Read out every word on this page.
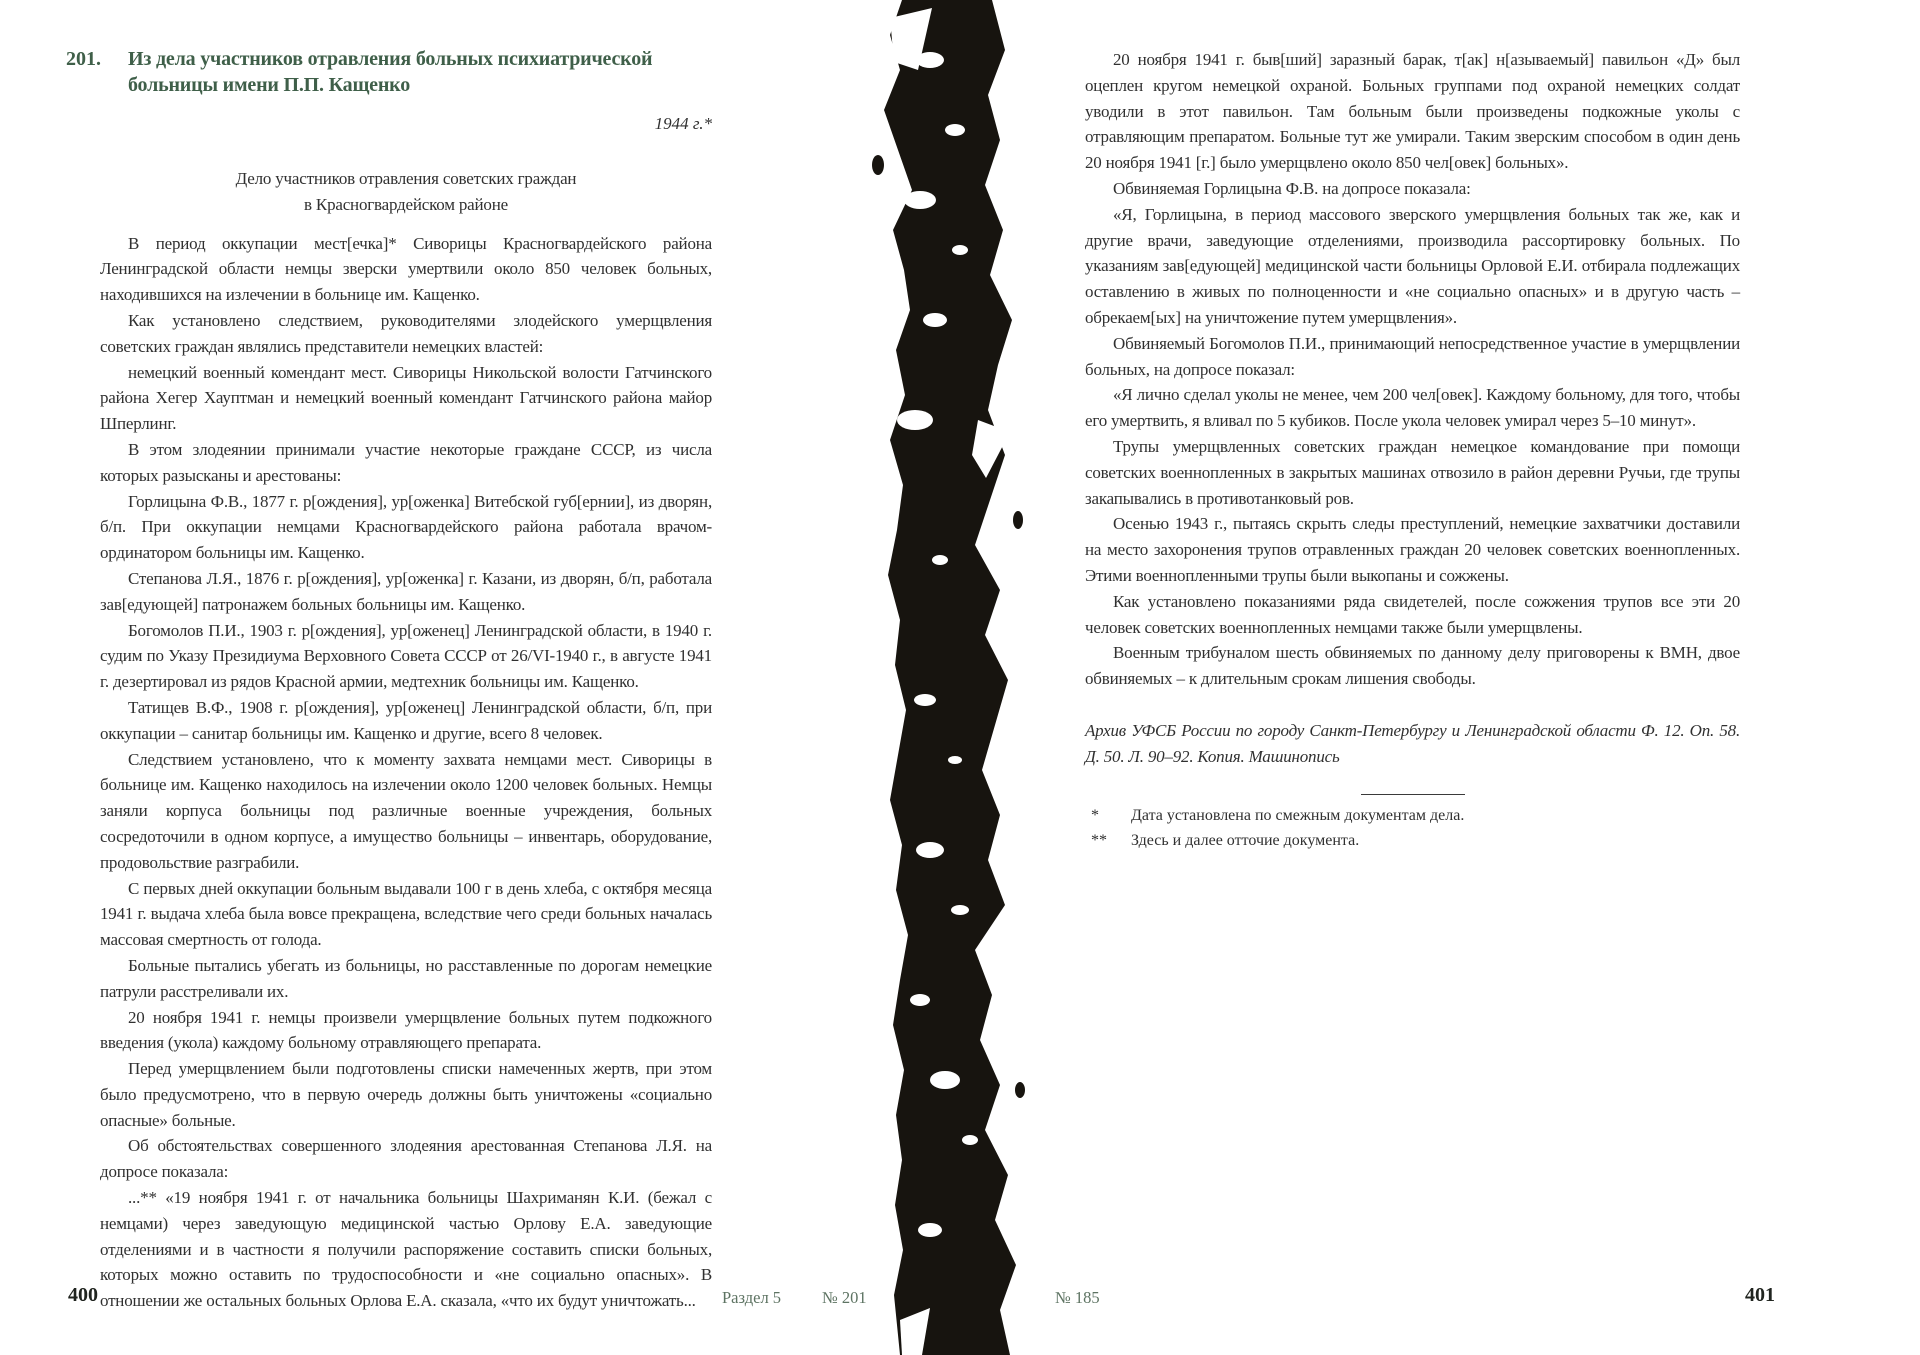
201. Из дела участников отравления больных психиатрической больницы имени П.П. Кащенко
1944 г.*
Дело участников отравления советских граждан
в Красногвардейском районе

В период оккупации мест[ечка]* Сиворицы Красногвардейского района Ленинградской области немцы зверски умертвили около 850 человек больных, находившихся на излечении в больнице им. Кащенко.

Как установлено следствием, руководителями злодейского умерщвления советских граждан являлись представители немецких властей:

немецкий военный комендант мест. Сиворицы Никольской волости Гатчинского района Хегер Хауптман и немецкий военный комендант Гатчинского района майор Шперлинг.

В этом злодеянии принимали участие некоторые граждане СССР, из числа которых разысканы и арестованы:

Горлицына Ф.В., 1877 г. р[ождения], ур[оженка] Витебской губ[ернии], из дворян, б/п. При оккупации немцами Красногвардейского района работала врачом-ординатором больницы им. Кащенко.

Степанова Л.Я., 1876 г. р[ождения], ур[оженка] г. Казани, из дворян, б/п, работала зав[едующей] патронажем больных больницы им. Кащенко.

Богомолов П.И., 1903 г. р[ождения], ур[оженец] Ленинградской области, в 1940 г. судим по Указу Президиума Верховного Совета СССР от 26/VI-1940 г., в августе 1941 г. дезертировал из рядов Красной армии, медтехник больницы им. Кащенко.

Татищев В.Ф., 1908 г. р[ождения], ур[оженец] Ленинградской области, б/п, при оккупации – санитар больницы им. Кащенко и другие, всего 8 человек.

Следствием установлено, что к моменту захвата немцами мест. Сиворицы в больнице им. Кащенко находилось на излечении около 1200 человек больных. Немцы заняли корпуса больницы под различные военные учреждения, больных сосредоточили в одном корпусе, а имущество больницы – инвентарь, оборудование, продовольствие разграбили.

С первых дней оккупации больным выдавали 100 г в день хлеба, с октября месяца 1941 г. выдача хлеба была вовсе прекращена, вследствие чего среди больных началась массовая смертность от голода.

Больные пытались убегать из больницы, но расставленные по дорогам немецкие патрули расстреливали их.

20 ноября 1941 г. немцы произвели умерщвление больных путем подкожного введения (укола) каждому больному отравляющего препарата.

Перед умерщвлением были подготовлены списки намеченных жертв, при этом было предусмотрено, что в первую очередь должны быть уничтожены «социально опасные» больные.

Об обстоятельствах совершенного злодеяния арестованная Степанова Л.Я. на допросе показала:

...** «19 ноября 1941 г. от начальника больницы Шахриманян К.И. (бежал с немцами) через заведующую медицинской частью Орлову Е.А. заведующие отделениями и в частности я получили распоряжение составить списки больных, которых можно оставить по трудоспособности и «не социально опасных». В отношении же остальных больных Орлова Е.А. сказала, «что их будут уничтожать...

400	Раздел 5 № 201

20 ноября 1941 г. быв[ший] заразный барак, т[ак] н[азываемый] павильон «Д» был оцеплен кругом немецкой охраной. Больных группами под охраной немецких солдат уводили в этот павильон. Там больным были произведены подкожные уколы с отравляющим препаратом. Больные тут же умирали. Таким зверским способом в один день 20 ноября 1941 [г.] было умерщвлено около 850 чел[овек] больных».

Обвиняемая Горлицына Ф.В. на допросе показала:

«Я, Горлицына, в период массового зверского умерщвления больных так же, как и другие врачи, заведующие отделениями, производила рассортировку больных. По указаниям зав[едующей] медицинской части больницы Орловой Е.И. отбирала подлежащих оставлению в живых по полноценности и «не социально опасных» и в другую часть – обрекаем[ых] на уничтожение путем умерщвления».

Обвиняемый Богомолов П.И., принимающий непосредственное участие в умерщвлении больных, на допросе показал:

«Я лично сделал уколы не менее, чем 200 чел[овек]. Каждому больному, для того, чтобы его умертвить, я вливал по 5 кубиков. После укола человек умирал через 5–10 минут».

Трупы умерщвленных советских граждан немецкое командование при помощи советских военнопленных в закрытых машинах отвозило в район деревни Ручьи, где трупы закапывались в противотанковый ров.

Осенью 1943 г., пытаясь скрыть следы преступлений, немецкие захватчики доставили на место захоронения трупов отравленных граждан 20 человек советских военнопленных. Этими военнопленными трупы были выкопаны и сожжены.

Как установлено показаниями ряда свидетелей, после сожжения трупов все эти 20 человек советских военнопленных немцами также были умерщвлены.

Военным трибуналом шесть обвиняемых по данному делу приговорены к ВМН, двое обвиняемых – к длительным срокам лишения свободы.

Архив УФСБ России по городу Санкт-Петербургу и Ленинградской области Ф. 12. Оп. 58. Д. 50. Л. 90–92. Копия. Машинопись
*	Дата установлена по смежным документам дела.
**	Здесь и далее отточие документа.
№ 185	401
